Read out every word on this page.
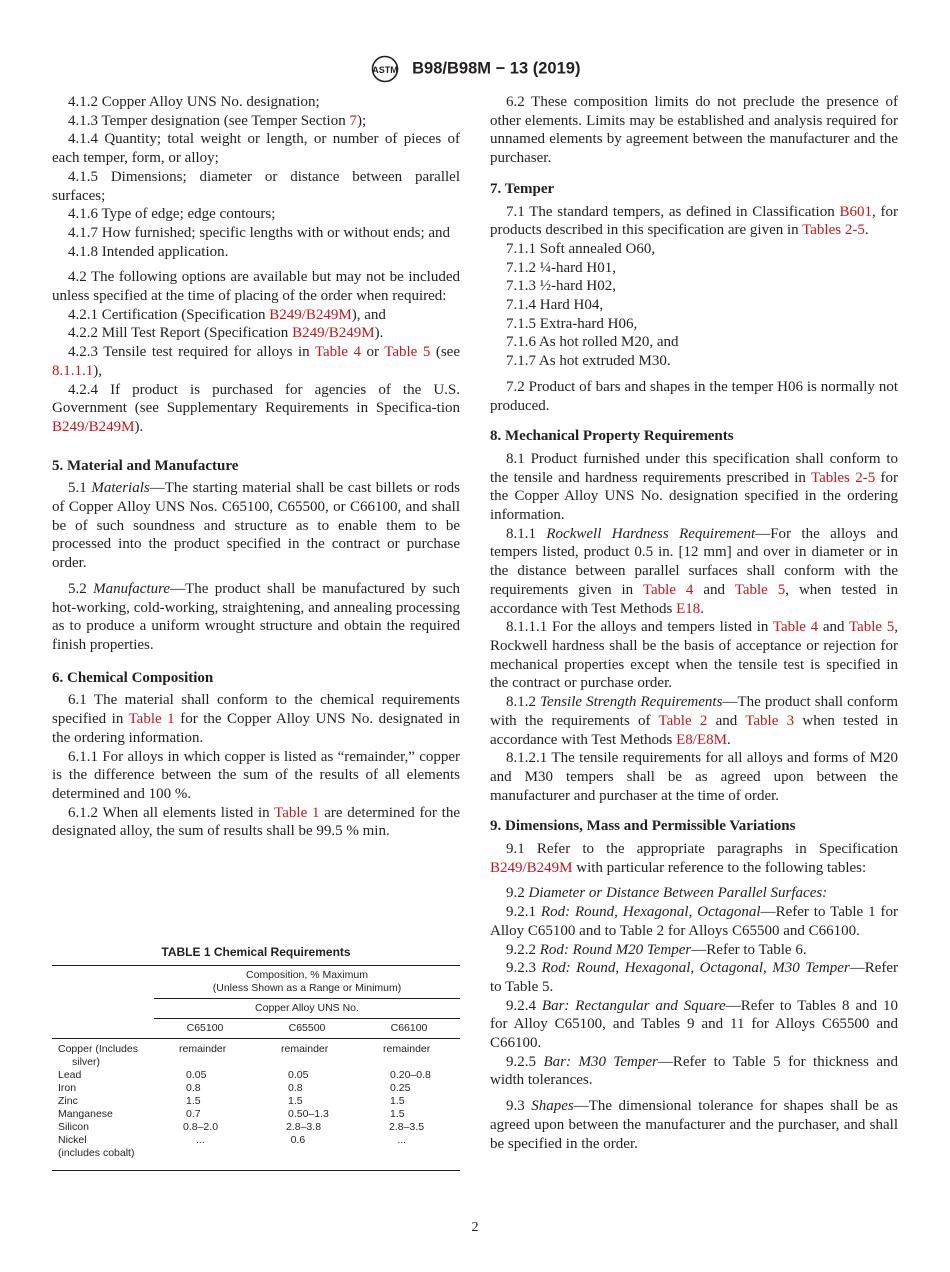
ASTM B98/B98M − 13 (2019)

4.1.2 Copper Alloy UNS No. designation;

4.1.3 Temper designation (see Temper Section 7);

4.1.4 Quantity; total weight or length, or number of pieces of each temper, form, or alloy;

4.1.5 Dimensions; diameter or distance between parallel surfaces;

4.1.6 Type of edge; edge contours;

4.1.7 How furnished; specific lengths with or without ends; and

4.1.8 Intended application.

4.2 The following options are available but may not be included unless specified at the time of placing of the order when required:

4.2.1 Certification (Specification B249/B249M), and

4.2.2 Mill Test Report (Specification B249/B249M).

4.2.3 Tensile test required for alloys in Table 4 or Table 5 (see 8.1.1.1),

4.2.4 If product is purchased for agencies of the U.S. Government (see Supplementary Requirements in Specifica-tion B249/B249M).

5. Material and Manufacture

5.1 Materials—The starting material shall be cast billets or rods of Copper Alloy UNS Nos. C65100, C65500, or C66100, and shall be of such soundness and structure as to enable them to be processed into the product specified in the contract or purchase order.

5.2 Manufacture—The product shall be manufactured by such hot-working, cold-working, straightening, and annealing processing as to produce a uniform wrought structure and obtain the required finish properties.

6. Chemical Composition

6.1 The material shall conform to the chemical requirements specified in Table 1 for the Copper Alloy UNS No. designated in the ordering information.

6.1.1 For alloys in which copper is listed as “remainder,” copper is the difference between the sum of the results of all elements determined and 100 %.

6.1.2 When all elements listed in Table 1 are determined for the designated alloy, the sum of results shall be 99.5 % min.

TABLE 1 Chemical Requirements
Composition, % Maximum
(Unless Shown as a Range or Minimum)
Copper Alloy UNS No.
C65100	C65500	C66100
Copper (Includes
silver)
remainder	remainder	remainder
Lead	0.05	0.05	0.20–0.8
Iron	0.8	0.8	0.25
Zinc	1.5	1.5	1.5
Manganese	0.7	0.50–1.3	1.5
Silicon	0.8–2.0	2.8–3.8	2.8–3.5
Nickel
(includes cobalt)
...	0.6	...

6.2 These composition limits do not preclude the presence of other elements. Limits may be established and analysis required for unnamed elements by agreement between the manufacturer and the purchaser.

7. Temper

7.1 The standard tempers, as defined in Classification B601, for products described in this specification are given in Tables 2-5.

7.1.1 Soft annealed O60,

7.1.2 ¼-hard H01,

7.1.3 ½-hard H02,

7.1.4 Hard H04,

7.1.5 Extra-hard H06,

7.1.6 As hot rolled M20, and

7.1.7 As hot extruded M30.

7.2 Product of bars and shapes in the temper H06 is normally not produced.

8. Mechanical Property Requirements

8.1 Product furnished under this specification shall conform to the tensile and hardness requirements prescribed in Tables 2-5 for the Copper Alloy UNS No. designation specified in the ordering information.

8.1.1 Rockwell Hardness Requirement—For the alloys and tempers listed, product 0.5 in. [12 mm] and over in diameter or in the distance between parallel surfaces shall conform with the requirements given in Table 4 and Table 5, when tested in accordance with Test Methods E18.

8.1.1.1 For the alloys and tempers listed in Table 4 and Table 5, Rockwell hardness shall be the basis of acceptance or rejection for mechanical properties except when the tensile test is specified in the contract or purchase order.

8.1.2 Tensile Strength Requirements—The product shall conform with the requirements of Table 2 and Table 3 when tested in accordance with Test Methods E8/E8M.

8.1.2.1 The tensile requirements for all alloys and forms of M20 and M30 tempers shall be as agreed upon between the manufacturer and purchaser at the time of order.

9. Dimensions, Mass and Permissible Variations

9.1 Refer to the appropriate paragraphs in Specification B249/B249M with particular reference to the following tables:

9.2 Diameter or Distance Between Parallel Surfaces:

9.2.1 Rod: Round, Hexagonal, Octagonal—Refer to Table 1 for Alloy C65100 and to Table 2 for Alloys C65500 and C66100.

9.2.2 Rod: Round M20 Temper—Refer to Table 6.

9.2.3 Rod: Round, Hexagonal, Octagonal, M30 Temper—Refer to Table 5.

9.2.4 Bar: Rectangular and Square—Refer to Tables 8 and 10 for Alloy C65100, and Tables 9 and 11 for Alloys C65500 and C66100.

9.2.5 Bar: M30 Temper—Refer to Table 5 for thickness and width tolerances.

9.3 Shapes—The dimensional tolerance for shapes shall be as agreed upon between the manufacturer and the purchaser, and shall be specified in the order.

2
